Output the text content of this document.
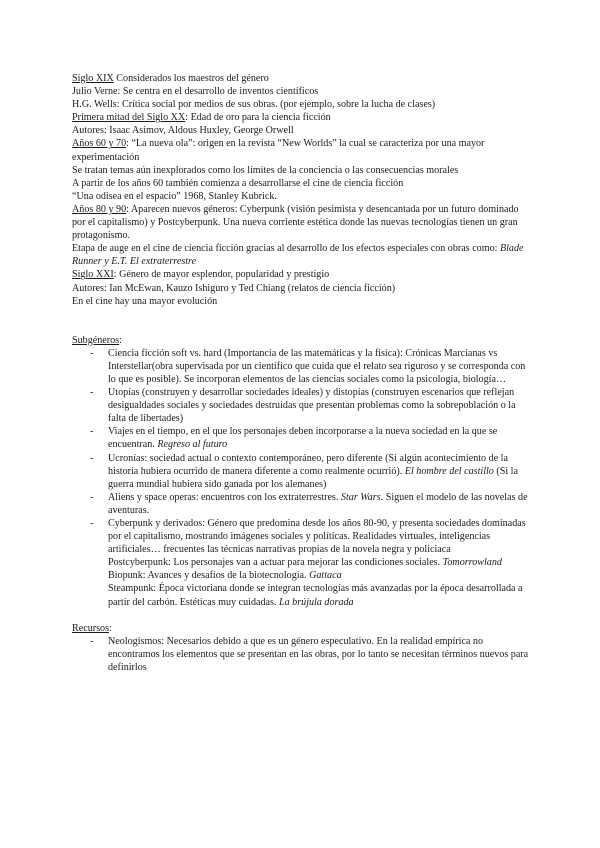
Siglo XIX Considerados los maestros del género
Julio Verne: Se centra en el desarrollo de inventos científicos
H.G. Wells: Crítica social por medios de sus obras. (por ejemplo, sobre la lucha de clases)
Primera mitad del Siglo XX: Edad de oro para la ciencia ficción
Autores: Isaac Asimov, Aldous Huxley, George Orwell
Años 60 y 70: “La nueva ola”: origen en la revista “New Worlds” la cual se caracteriza por una mayor experimentación
Se tratan temas aún inexplorados como los límites de la conciencia o las consecuencias morales
A partir de los años 60 también comienza a desarrollarse el cine de ciencia ficción
“Una odisea en el espacio” 1968, Stanley Kubrick.
Años 80 y 90: Aparecen nuevos géneros: Cyberpunk (visión pesimista y desencantada por un futuro dominado por el capitalismo) y Postcyberpunk. Una nueva corriente estética donde las nuevas tecnologías tienen un gran protagonismo.
Etapa de auge en el cine de ciencia ficción gracias al desarrollo de los efectos especiales con obras como: Blade Runner y E.T. El extraterrestre
Siglo XXI: Género de mayor esplendor, popularidad y prestigio
Autores: Ian McEwan, Kauzo Ishiguro y Ted Chiang (relatos de ciencia ficción)
En el cine hay una mayor evolución
Subgéneros:
- Ciencia ficción soft vs. hard (Importancia de las matemáticas y la física): Crónicas Marcianas vs Interstellar(obra supervisada por un científico que cuida que el relato sea riguroso y se corresponda con lo que es posible). Se incorporan elementos de las ciencias sociales como la psicología, biología…
- Utopías (construyen y desarrollar sociedades ideales) y distopías (construyen escenarios que reflejan desigualdades sociales y sociedades destruidas que presentan problemas como la sobrepoblación o la falta de libertades)
- Viajes en el tiempo, en el que los personajes deben incorporarse a la nueva sociedad en la que se encuentran. Regreso al futuro
- Ucronías: sociedad actual o contexto contemporáneo, pero diferente (Si algún acontecimiento de la historia hubiera ocurrido de manera diferente a como realmente ocurrió). El hombre del castillo (Si la guerra mundial hubiera sido ganada por los alemanes)
- Aliens y space operas: encuentros con los extraterrestres. Star Wars. Siguen el modelo de las novelas de aventuras.
- Cyberpunk y derivados: Género que predomina desde los años 80-90, y presenta sociedades dominadas por el capitalismo, mostrando imágenes sociales y políticas. Realidades virtuales, inteligencias artificiales… frecuentes las técnicas narrativas propias de la novela negra y policiaca
Postcyberpunk: Los personajes van a actuar para mejorar las condiciones sociales. Tomorrowland
Biopunk: Avances y desafíos de la biotecnología. Gattaca
Steampunk: Época victoriana donde se integran tecnologías más avanzadas por la época desarrollada a partir del carbón. Estéticas muy cuidadas. La brújula dorada
Recursos:
- Neologismos: Necesarios debido a que es un género especulativo. En la realidad empírica no encontramos los elementos que se presentan en las obras, por lo tanto se necesitan términos nuevos para definirlos
